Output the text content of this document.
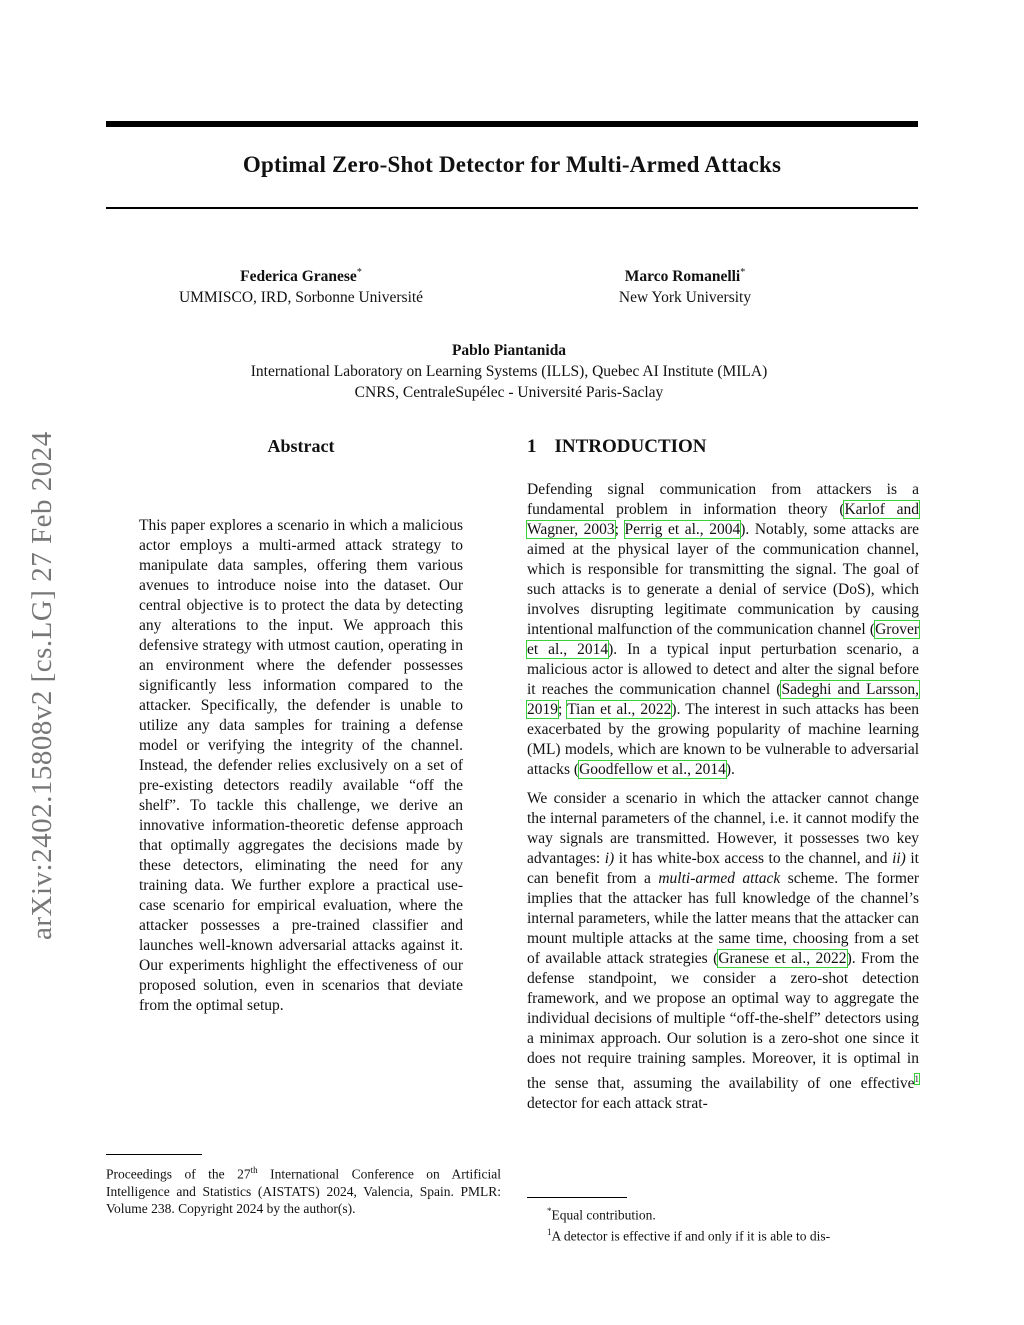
arXiv:2402.15808v2 [cs.LG] 27 Feb 2024
Optimal Zero-Shot Detector for Multi-Armed Attacks
Federica Granese*
UMMISCO, IRD, Sorbonne Université
Marco Romanelli*
New York University
Pablo Piantanida
International Laboratory on Learning Systems (ILLS), Quebec AI Institute (MILA)
CNRS, CentraleSupélec - Université Paris-Saclay
Abstract
This paper explores a scenario in which a malicious actor employs a multi-armed attack strategy to manipulate data samples, offering them various avenues to introduce noise into the dataset. Our central objective is to protect the data by detecting any alterations to the input. We approach this defensive strategy with utmost caution, operating in an environment where the defender possesses significantly less information compared to the attacker. Specifically, the defender is unable to utilize any data samples for training a defense model or verifying the integrity of the channel. Instead, the defender relies exclusively on a set of pre-existing detectors readily available “off the shelf”. To tackle this challenge, we derive an innovative information-theoretic defense approach that optimally aggregates the decisions made by these detectors, eliminating the need for any training data. We further explore a practical use-case scenario for empirical evaluation, where the attacker possesses a pre-trained classifier and launches well-known adversarial attacks against it. Our experiments highlight the effectiveness of our proposed solution, even in scenarios that deviate from the optimal setup.
1 INTRODUCTION

Defending signal communication from attackers is a fundamental problem in information theory (Karlof and Wagner, 2003; Perrig et al., 2004). Notably, some attacks are aimed at the physical layer of the communication channel, which is responsible for transmitting the signal. The goal of such attacks is to generate a denial of service (DoS), which involves disrupting legitimate communication by causing intentional malfunction of the communication channel (Grover et al., 2014). In a typical input perturbation scenario, a malicious actor is allowed to detect and alter the signal before it reaches the communication channel (Sadeghi and Larsson, 2019; Tian et al., 2022). The interest in such attacks has been exacerbated by the growing popularity of machine learning (ML) models, which are known to be vulnerable to adversarial attacks (Goodfellow et al., 2014).

We consider a scenario in which the attacker cannot change the internal parameters of the channel, i.e. it cannot modify the way signals are transmitted. However, it possesses two key advantages: i) it has white-box access to the channel, and ii) it can benefit from a multi-armed attack scheme. The former implies that the attacker has full knowledge of the channel’s internal parameters, while the latter means that the attacker can mount multiple attacks at the same time, choosing from a set of available attack strategies (Granese et al., 2022). From the defense standpoint, we consider a zero-shot detection framework, and we propose an optimal way to aggregate the individual decisions of multiple “off-the-shelf” detectors using a minimax approach. Our solution is a zero-shot one since it does not require training samples. Moreover, it is optimal in the sense that, assuming the availability of one effective$^1$ detector for each attack strat-

Proceedings of the 27th International Conference on Artificial Intelligence and Statistics (AISTATS) 2024, Valencia, Spain. PMLR: Volume 238. Copyright 2024 by the author(s).	*Equal contribution.
$^1$A detector is effective if and only if it is able to dis-
